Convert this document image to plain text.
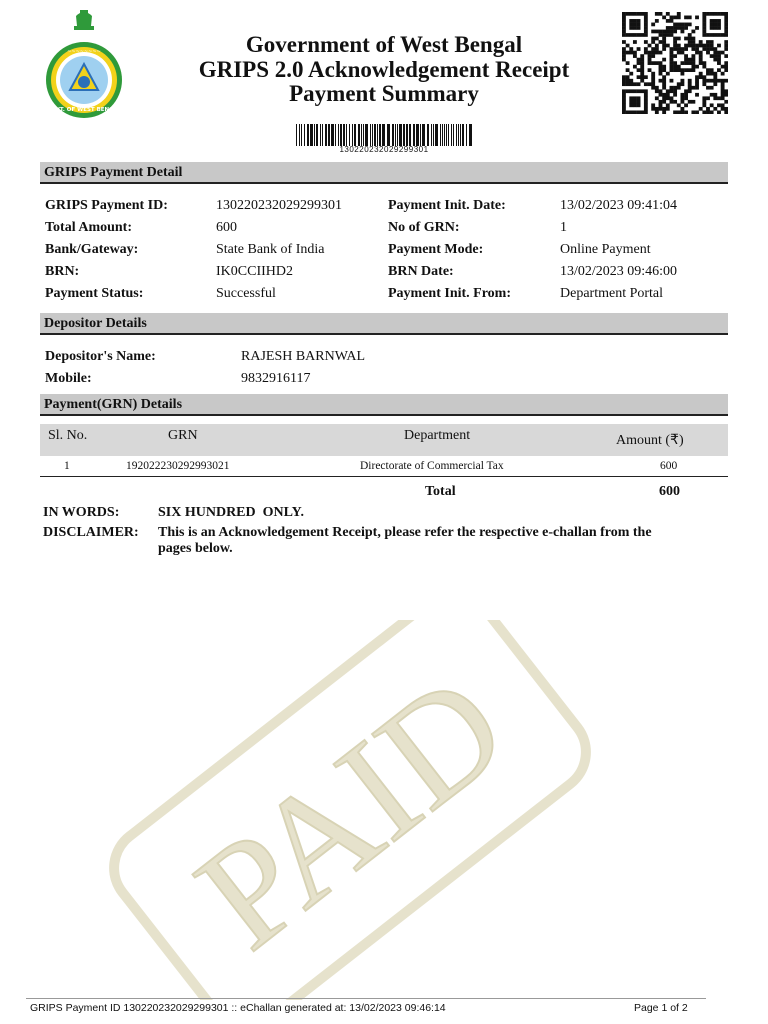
GOVT. OF WEST BENGAL
~~~~~~~~	Government of West Bengal
GRIPS 2.0 Acknowledgement Receipt
Payment Summary
130220232029299301
GRIPS Payment Detail
GRIPS Payment ID:	130220232029299301	Payment Init. Date:	13/02/2023 09:41:04
Total Amount:	600	No of GRN:	1
Bank/Gateway:	State Bank of India	Payment Mode:	Online Payment
BRN:	IK0CCIIHD2	BRN Date:	13/02/2023 09:46:00
Payment Status:	Successful	Payment Init. From:	Department Portal
Depositor Details
Depositor's Name:	RAJESH BARNWAL
Mobile:	9832916117
Payment(GRN) Details
Sl. No.	GRN	Department	Amount (₹)
1	192022230292993021	Directorate of Commercial Tax	600
Total	600
IN WORDS:	SIX HUNDRED  ONLY.
DISCLAIMER: This is an Acknowledgement Receipt, please refer the respective e-challan from the
pages below.
PAID
GRIPS Payment ID 130220232029299301 :: eChallan generated at: 13/02/2023 09:46:14	Page 1 of 2
